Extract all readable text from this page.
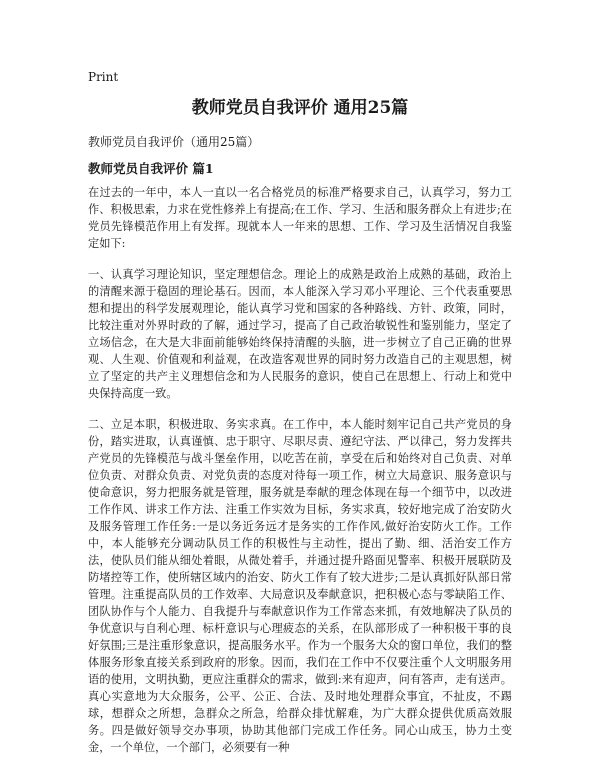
Print
教师党员自我评价 通用25篇
教师党员自我评价（通用25篇）
教师党员自我评价 篇1

在过去的一年中，本人一直以一名合格党员的标准严格要求自己，认真学习，努力工作、积极思索，力求在党性修养上有提高;在工作、学习、生活和服务群众上有进步;在党员先锋模范作用上有发挥。现就本人一年来的思想、工作、学习及生活情况自我鉴定如下:

一、认真学习理论知识，坚定理想信念。理论上的成熟是政治上成熟的基础，政治上的清醒来源于稳固的理论基石。因而，本人能深入学习邓小平理论、三个代表重要思想和提出的科学发展观理论，能认真学习党和国家的各种路线、方针、政策，同时，比较注重对外界时政的了解，通过学习，提高了自己政治敏锐性和鉴别能力，坚定了立场信念，在大是大非面前能够始终保持清醒的头脑，进一步树立了自己正确的世界观、人生观、价值观和利益观，在改造客观世界的同时努力改造自己的主观思想，树立了坚定的共产主义理想信念和为人民服务的意识，使自己在思想上、行动上和党中央保持高度一致。

二、立足本职，积极进取、务实求真。在工作中，本人能时刻牢记自己共产党员的身份，踏实进取，认真谨慎、忠于职守、尽职尽责、遵纪守法、严以律己，努力发挥共产党员的先锋模范与战斗堡垒作用，以吃苦在前，享受在后和始终对自己负责、对单位负责、对群众负责、对党负责的态度对待每一项工作，树立大局意识、服务意识与使命意识，努力把服务就是管理，服务就是奉献的理念体现在每一个细节中，以改进工作作风、讲求工作方法、注重工作实效为目标，务实求真，较好地完成了治安防火及服务管理工作任务:一是以务近务远才是务实的工作作风,做好治安防火工作。工作中，本人能够充分调动队员工作的积极性与主动性，提出了勤、细、活治安工作方法，使队员们能从细处着眼，从微处着手，并通过提升路面见警率、积极开展联防及防堵控等工作，使所辖区域内的治安、防火工作有了较大进步;二是认真抓好队部日常管理。注重提高队员的工作效率、大局意识及奉献意识，把积极心态与零缺陷工作、团队协作与个人能力、自我提升与奉献意识作为工作常态来抓，有效地解决了队员的争优意识与自利心理、标杆意识与心理疲态的关系，在队部形成了一种积极干事的良好氛围;三是注重形象意识，提高服务水平。作为一个服务大众的窗口单位，我们的整体服务形象直接关系到政府的形象。因而，我们在工作中不仅要注重个人文明服务用语的使用，文明执勤，更应注重群众的需求，做到:来有迎声，问有答声，走有送声。真心实意地为大众服务，公平、公正、合法、及时地处理群众事宜，不扯皮，不踢球，想群众之所想，急群众之所急，给群众排忧解难，为广大群众提供优质高效服务。四是做好领导交办事项，协助其他部门完成工作任务。同心山成玉，协力土变金，一个单位，一个部门，必须要有一种
